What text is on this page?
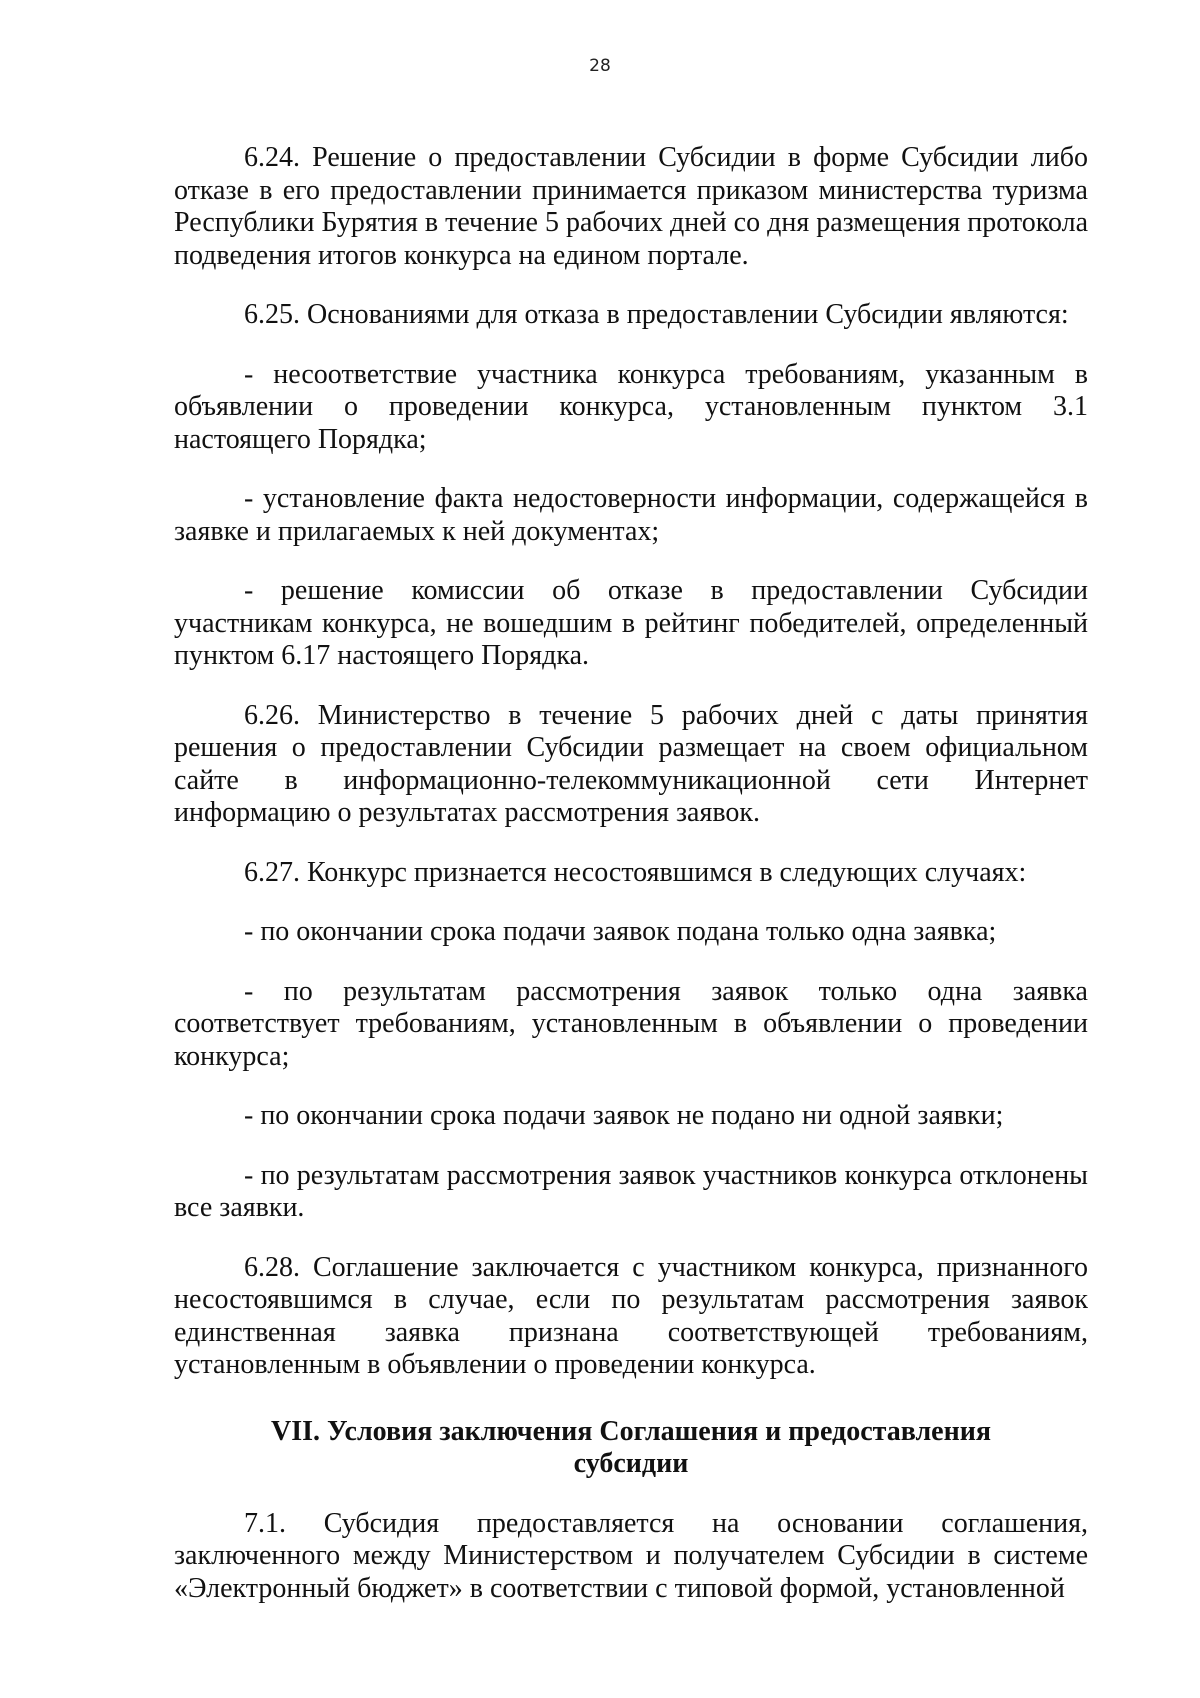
28

6.24. Решение о предоставлении Субсидии в форме Субсидии либо отказе в его предоставлении принимается приказом министерства туризма Республики Бурятия в течение 5 рабочих дней со дня размещения протокола подведения итогов конкурса на едином портале.

6.25. Основаниями для отказа в предоставлении Субсидии являются:

- несоответствие участника конкурса требованиям, указанным в объявлении о проведении конкурса, установленным пунктом 3.1 настоящего Порядка;

- установление факта недостоверности информации, содержащейся в заявке и прилагаемых к ней документах;

- решение комиссии об отказе в предоставлении Субсидии участникам конкурса, не вошедшим в рейтинг победителей, определенный пунктом 6.17 настоящего Порядка.

6.26. Министерство в течение 5 рабочих дней с даты принятия решения о предоставлении Субсидии размещает на своем официальном сайте в информационно-телекоммуникационной сети Интернет информацию о результатах рассмотрения заявок.

6.27. Конкурс признается несостоявшимся в следующих случаях:

- по окончании срока подачи заявок подана только одна заявка;

- по результатам рассмотрения заявок только одна заявка соответствует требованиям, установленным в объявлении о проведении конкурса;

- по окончании срока подачи заявок не подано ни одной заявки;

- по результатам рассмотрения заявок участников конкурса отклонены все заявки.

6.28. Соглашение заключается с участником конкурса, признанного несостоявшимся в случае, если по результатам рассмотрения заявок единственная заявка признана соответствующей требованиям, установленным в объявлении о проведении конкурса.

VII. Условия заключения Соглашения и предоставления
субсидии

7.1. Субсидия предоставляется на основании соглашения, заключенного между Министерством и получателем Субсидии в системе «Электронный бюджет» в соответствии с типовой формой, установленной
